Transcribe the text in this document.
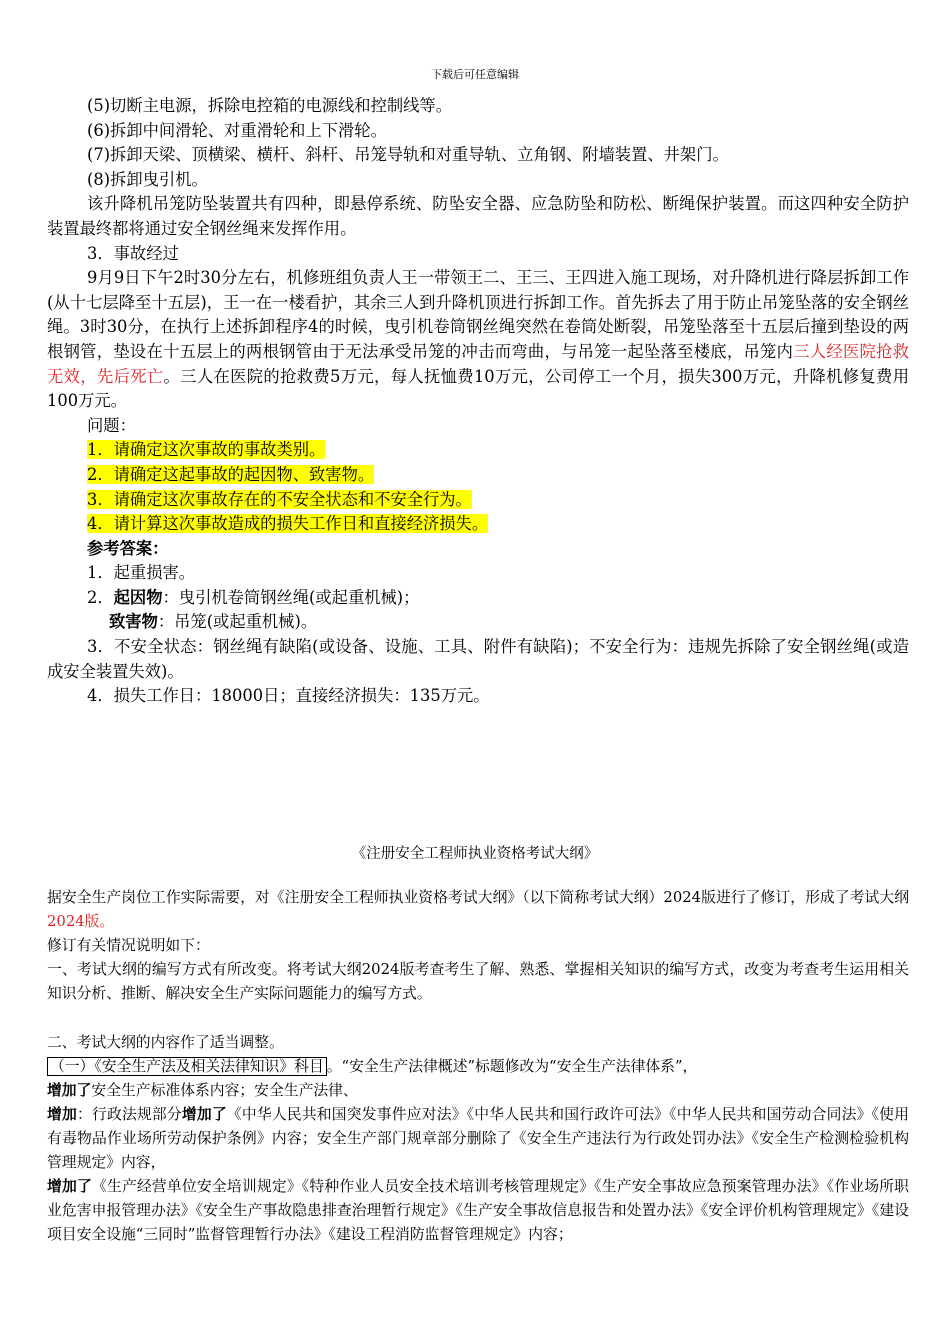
下载后可任意编辑

(5)切断主电源，拆除电控箱的电源线和控制线等。

(6)拆卸中间滑轮、对重滑轮和上下滑轮。

(7)拆卸天梁、顶横梁、横杆、斜杆、吊笼导轨和对重导轨、立角钢、附墙装置、井架门。

(8)拆卸曳引机。

该升降机吊笼防坠装置共有四种，即悬停系统、防坠安全器、应急防坠和防松、断绳保护装置。而这四种安全防护装置最终都将通过安全钢丝绳来发挥作用。

3．事故经过

9月9日下午2时30分左右，机修班组负责人王一带领王二、王三、王四进入施工现场，对升降机进行降层拆卸工作(从十七层降至十五层)，王一在一楼看护，其余三人到升降机顶进行拆卸工作。首先拆去了用于防止吊笼坠落的安全钢丝绳。3时30分，在执行上述拆卸程序4的时候，曳引机卷筒钢丝绳突然在卷筒处断裂，吊笼坠落至十五层后撞到垫设的两根钢管，垫设在十五层上的两根钢管由于无法承受吊笼的冲击而弯曲，与吊笼一起坠落至楼底，吊笼内三人经医院抢救无效，先后死亡。三人在医院的抢救费5万元，每人抚恤费10万元，公司停工一个月，损失300万元，升降机修复费用100万元。

问题：

1．请确定这次事故的事故类别。

2．请确定这起事故的起因物、致害物。

3．请确定这次事故存在的不安全状态和不安全行为。

4．请计算这次事故造成的损失工作日和直接经济损失。

参考答案：

1．起重损害。

2．起因物：曳引机卷筒钢丝绳(或起重机械)；

致害物：吊笼(或起重机械)。

3．不安全状态：钢丝绳有缺陷(或设备、设施、工具、附件有缺陷)；不安全行为：违规先拆除了安全钢丝绳(或造成安全装置失效)。

4．损失工作日：18000日；直接经济损失：135万元。

《注册安全工程师执业资格考试大纲》

据安全生产岗位工作实际需要，对《注册安全工程师执业资格考试大纲》（以下简称考试大纲）2024版进行了修订，形成了考试大纲2024版。

修订有关情况说明如下：

一、考试大纲的编写方式有所改变。将考试大纲2024版考查考生了解、熟悉、掌握相关知识的编写方式，改变为考查考生运用相关知识分析、推断、解决安全生产实际问题能力的编写方式。

二、考试大纲的内容作了适当调整。

（一）《安全生产法及相关法律知识》科目 。“安全生产法律概述”标题修改为“安全生产法律体系”，

增加了安全生产标准体系内容；安全生产法律、

增加：行政法规部分增加了《中华人民共和国突发事件应对法》《中华人民共和国行政许可法》《中华人民共和国劳动合同法》《使用有毒物品作业场所劳动保护条例》内容；安全生产部门规章部分删除了《安全生产违法行为行政处罚办法》《安全生产检测检验机构管理规定》内容，

增加了《生产经营单位安全培训规定》《特种作业人员安全技术培训考核管理规定》《生产安全事故应急预案管理办法》《作业场所职业危害申报管理办法》《安全生产事故隐患排查治理暂行规定》《生产安全事故信息报告和处置办法》《安全评价机构管理规定》《建设项目安全设施“三同时”监督管理暂行办法》《建设工程消防监督管理规定》内容；
